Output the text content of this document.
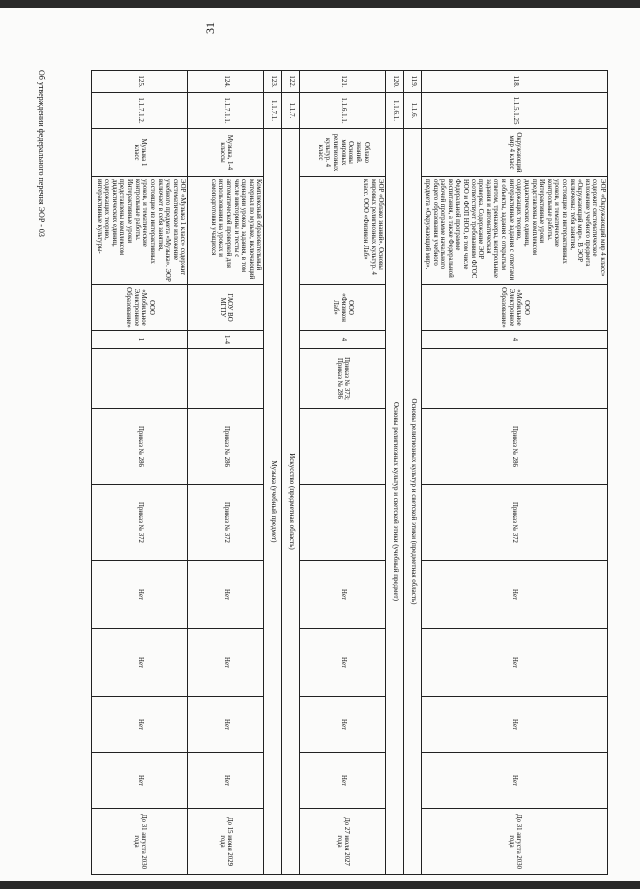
31
118.	1.1.5.1.25	Окружающий мир 4 класс	ЭОР «Окружающий мир 4 класс» содержит систематическое изложение учебного предмета «Окружающий мир». В ЭОР включены: тебя занятия, состоящие из интерактивных уроков, и тематические контрольные работы. Интерактивные уроки представлены комплексом дидактических единиц, содержащих теорию, интерактивные задания с ответами и объекты, задания с открытым ответом, тренажеры, контрольные задания и автоматическая проверка. Содержание ЭОР соответствует требованиям ФГОС НОО и ФОП НОО, в том числе Федеральной программе воспитания, а также Федеральной рабочей программе начального общего образования учебного предмета «Окружающий мир».	ООО «Мобильное Электронное Образование»	4		Приказ № 286	Приказ № 372	Нет	Нет	Нет	Нет	До 31 августа 2030 года
119.	1.1.6.	Основы религиозных культур и светской этики (предметная область)											
120.	1.1.6.1.	Основы религиозных культур и светской этики (учебный предмет)											
121.	1.1.6.1.1.	Облако знаний. Основы мировых религиозных культур. 4 класс	ЭОР «Облако знаний». Основы мировых религиозных культур. 4 класс. ООО «Физикон Лаб»	ООО «Физикон Лаб»	4	Приказ № 373; Приказ № 286			Нет	Нет	Нет	Нет	До 27 июля 2027 года
122.	1.1.7.	Искусство (предметная область)											
123.	1.1.7.1.	Музыка (учебный предмет)											
124.	1.1.7.1.1.	Музыка, 1-4 классы	Комплексный образовательный материал по музыке, включающий сценарии уроков, задания, в том числе викторины и тесты с автоматической проверкой для использования на уроках и самоподготовки учащихся	ГАОУ ВО МГПУ	1-4		Приказ № 286	Приказ № 372	Нет	Нет	Нет	Нет	До 15 июня 2029 года
125.	1.1.7.1.2.	Музыка 1 класс	ЭОР «Музыка 1 класс» содержит систематическое изложение учебного предмета «Музыка». ЭОР включает в себя занятия, состоящие из интерактивных уроков, и тематические контрольные работы. Интерактивные уроки представлены комплексом дидактических единиц, содержащих теорию, интерактивные культуры-	ООО «Мобильное Электронное Образование»	1		Приказ № 286	Приказ № 372	Нет	Нет	Нет	Нет	До 31 августа 2030 года
Об утверждении федерального перечня ЭОР - 03
